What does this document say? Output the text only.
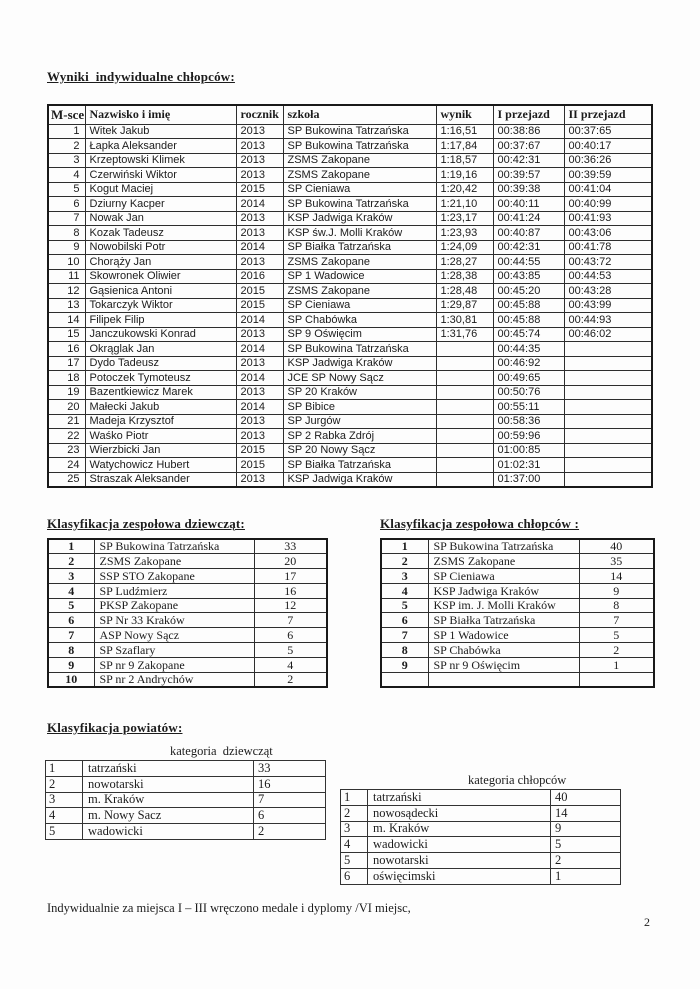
Wyniki  indywidualne chłopców:
M-sce	Nazwisko i imię	rocznik	szkoła	wynik	I przejazd	II przejazd
1	Witek Jakub	2013	SP Bukowina Tatrzańska	1:16,51	00:38:86	00:37:65
2	Łapka Aleksander	2013	SP Bukowina Tatrzańska	1:17,84	00:37:67	00:40:17
3	Krzeptowski Klimek	2013	ZSMS Zakopane	1:18,57	00:42:31	00:36:26
4	Czerwiński Wiktor	2013	ZSMS Zakopane	1:19,16	00:39:57	00:39:59
5	Kogut Maciej	2015	SP Cieniawa	1:20,42	00:39:38	00:41:04
6	Dziurny Kacper	2014	SP Bukowina Tatrzańska	1:21,10	00:40:11	00:40:99
7	Nowak Jan	2013	KSP Jadwiga Kraków	1:23,17	00:41:24	00:41:93
8	Kozak Tadeusz	2013	KSP św.J. Molli Kraków	1:23,93	00:40:87	00:43:06
9	Nowobilski Potr	2014	SP Białka Tatrzańska	1:24,09	00:42:31	00:41:78
10	Chorąży Jan	2013	ZSMS Zakopane	1:28,27	00:44:55	00:43:72
11	Skowronek Oliwier	2016	SP 1 Wadowice	1:28,38	00:43:85	00:44:53
12	Gąsienica Antoni	2015	ZSMS Zakopane	1:28,48	00:45:20	00:43:28
13	Tokarczyk Wiktor	2015	SP Cieniawa	1:29,87	00:45:88	00:43:99
14	Filipek Filip	2014	SP Chabówka	1:30,81	00:45:88	00:44:93
15	Janczukowski Konrad	2013	SP 9 Oświęcim	1:31,76	00:45:74	00:46:02
16	Okrąglak Jan	2014	SP Bukowina Tatrzańska		00:44:35	
17	Dydo Tadeusz	2013	KSP Jadwiga Kraków		00:46:92	
18	Potoczek Tymoteusz	2014	JCE SP Nowy Sącz		00:49:65	
19	Bazentkiewicz Marek	2013	SP 20 Kraków		00:50:76	
20	Małecki Jakub	2014	SP Bibice		00:55:11	
21	Madeja Krzysztof	2013	SP Jurgów		00:58:36	
22	Waśko Piotr	2013	SP 2 Rabka Zdrój		00:59:96	
23	Wierzbicki Jan	2015	SP 20 Nowy Sącz		01:00:85	
24	Watychowicz Hubert	2015	SP Białka Tatrzańska		01:02:31	
25	Straszak Aleksander	2013	KSP Jadwiga Kraków		01:37:00	
Klasyfikacja zespołowa dziewcząt:
1	SP Bukowina Tatrzańska	33
2	ZSMS Zakopane	20
3	SSP STO Zakopane	17
4	SP Ludźmierz	16
5	PKSP Zakopane	12
6	SP Nr 33 Kraków	7
7	ASP Nowy Sącz	6
8	SP Szaflary	5
9	SP nr 9 Zakopane	4
10	SP nr 2 Andrychów	2
Klasyfikacja zespołowa chłopców :
1	SP Bukowina Tatrzańska	40
2	ZSMS Zakopane	35
3	SP Cieniawa	14
4	KSP Jadwiga Kraków	9
5	KSP im. J. Molli Kraków	8
6	SP Białka Tatrzańska	7
7	SP 1 Wadowice	5
8	SP Chabówka	2
9	SP nr 9 Oświęcim	1

Klasyfikacja powiatów:
kategoria  dziewcząt
1	tatrzański	33
2	nowotarski	16
3	m. Kraków	7
4	m. Nowy Sacz	6
5	wadowicki	2
kategoria chłopców
1	tatrzański	40
2	nowosądecki	14
3	m. Kraków	9
4	wadowicki	5
5	nowotarski	2
6	oświęcimski	1
Indywidualnie za miejsca I – III wręczono medale i dyplomy /VI miejsc,
2
